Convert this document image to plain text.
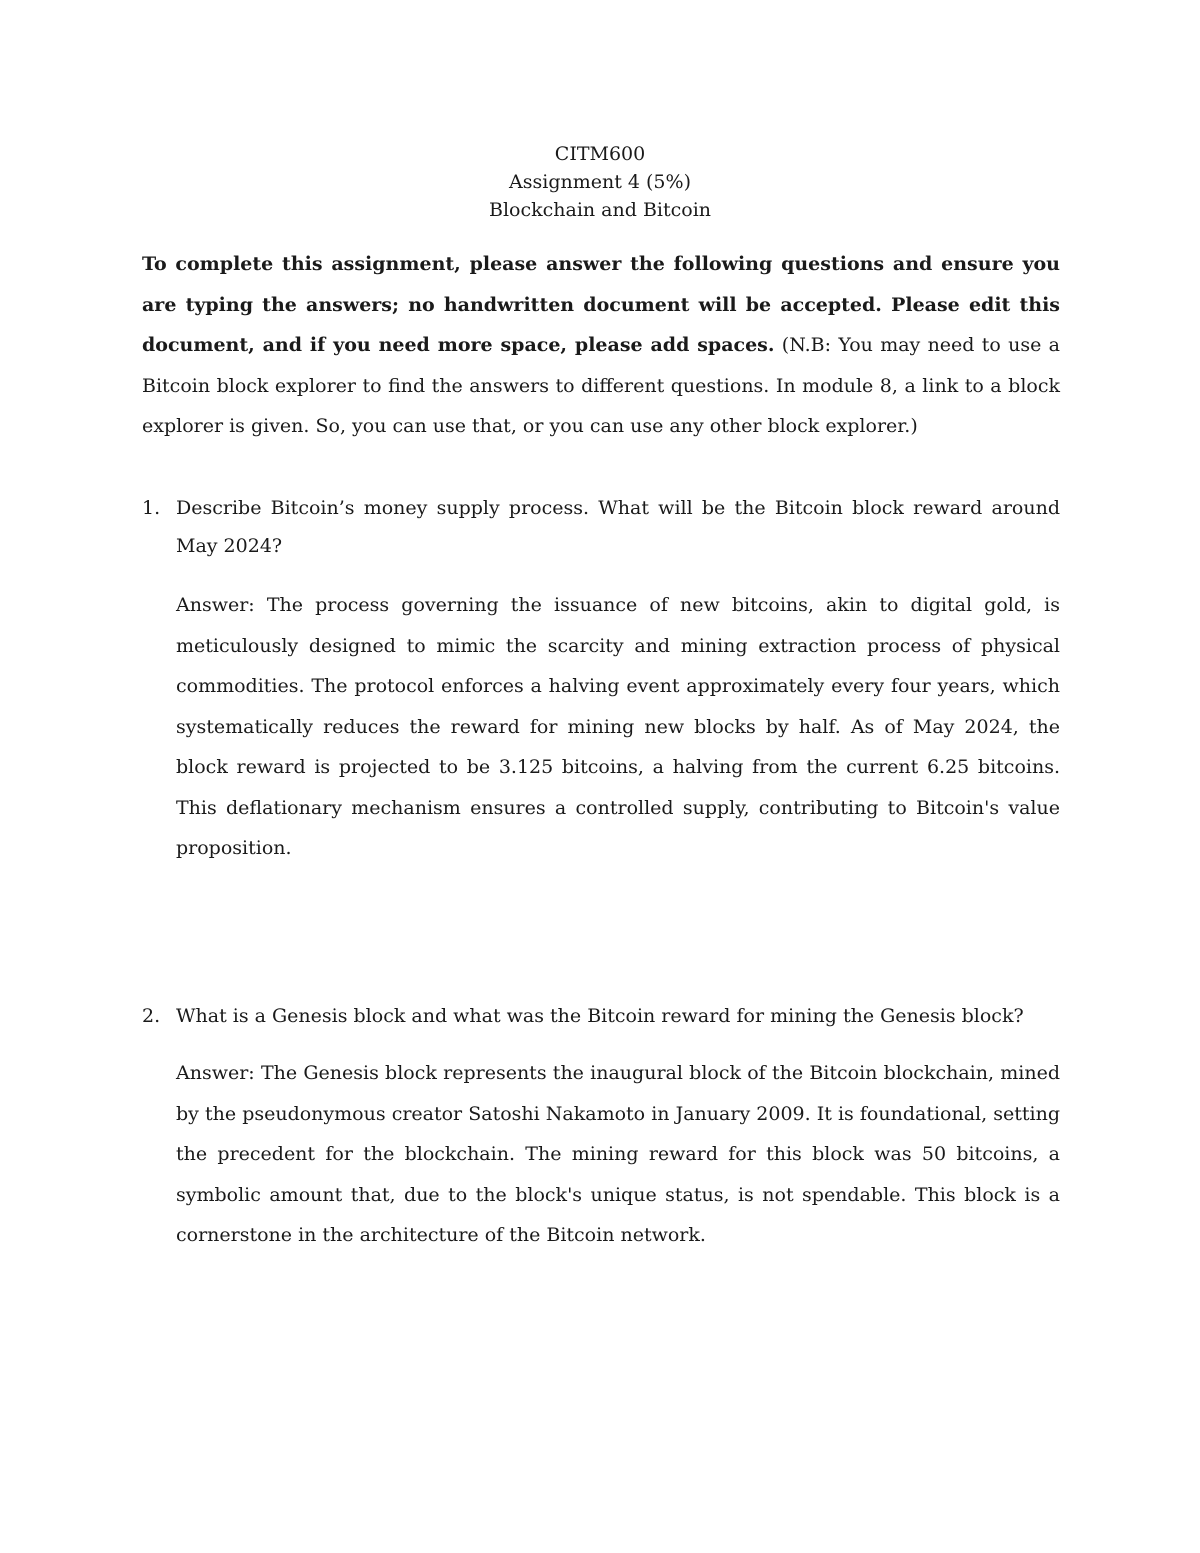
CITM600
Assignment 4 (5%)
Blockchain and Bitcoin
To complete this assignment, please answer the following questions and ensure you are typing the answers; no handwritten document will be accepted. Please edit this document, and if you need more space, please add spaces. (N.B: You may need to use a Bitcoin block explorer to find the answers to different questions. In module 8, a link to a block explorer is given. So, you can use that, or you can use any other block explorer.)
1. Describe Bitcoin’s money supply process. What will be the Bitcoin block reward around May 2024?
Answer: The process governing the issuance of new bitcoins, akin to digital gold, is meticulously designed to mimic the scarcity and mining extraction process of physical commodities. The protocol enforces a halving event approximately every four years, which systematically reduces the reward for mining new blocks by half. As of May 2024, the block reward is projected to be 3.125 bitcoins, a halving from the current 6.25 bitcoins. This deflationary mechanism ensures a controlled supply, contributing to Bitcoin's value proposition.
2. What is a Genesis block and what was the Bitcoin reward for mining the Genesis block?
Answer: The Genesis block represents the inaugural block of the Bitcoin blockchain, mined by the pseudonymous creator Satoshi Nakamoto in January 2009. It is foundational, setting the precedent for the blockchain. The mining reward for this block was 50 bitcoins, a symbolic amount that, due to the block's unique status, is not spendable. This block is a cornerstone in the architecture of the Bitcoin network.
